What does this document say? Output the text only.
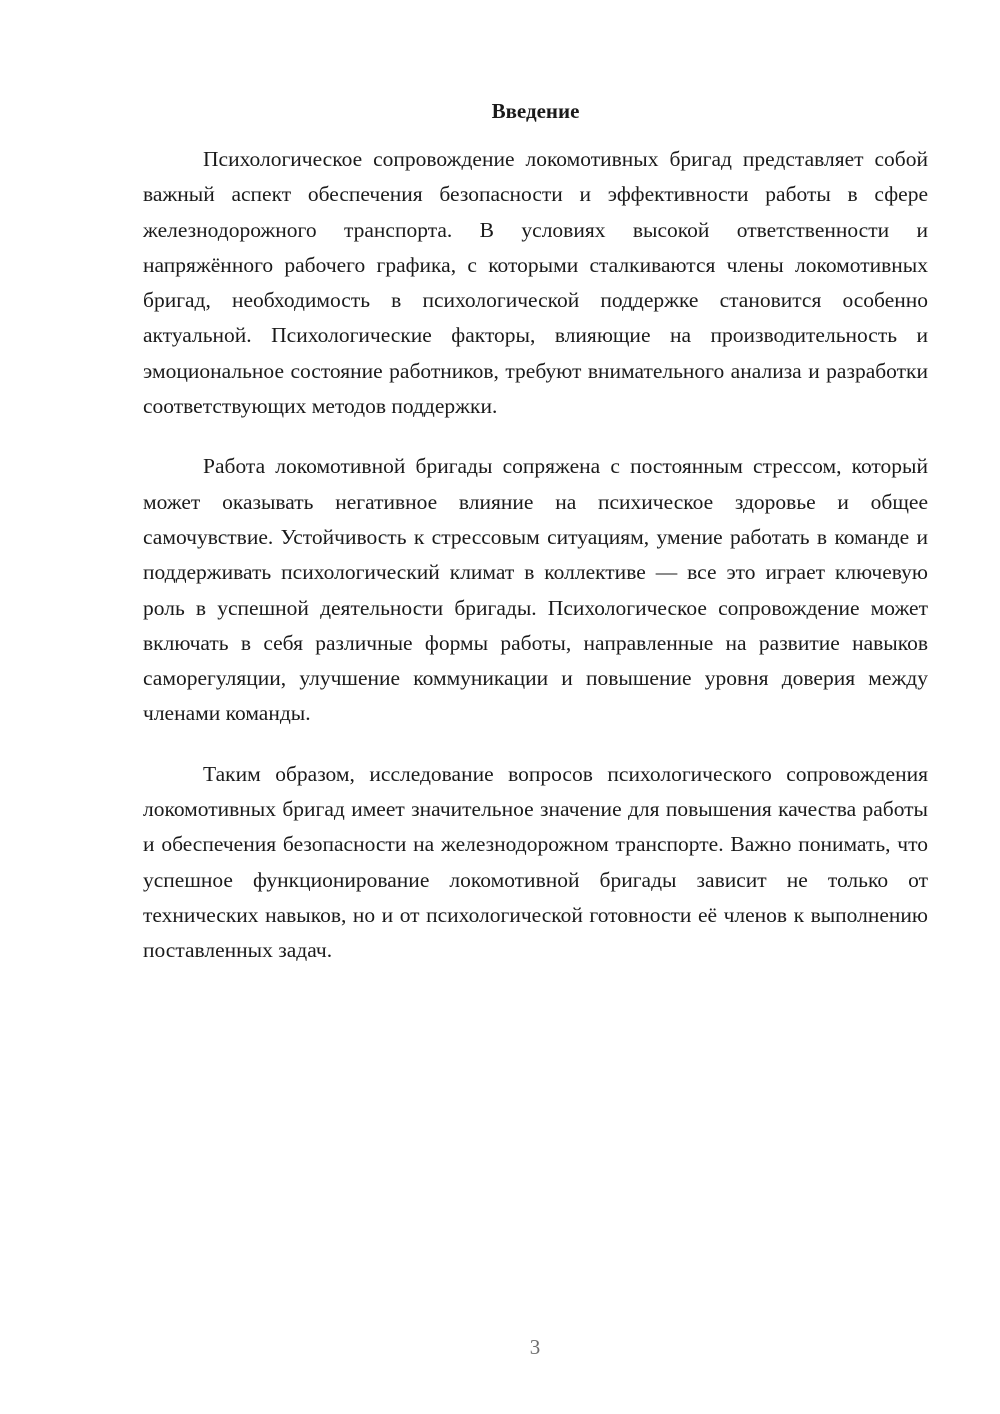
Введение

Психологическое сопровождение локомотивных бригад представляет собой важный аспект обеспечения безопасности и эффективности работы в сфере железнодорожного транспорта. В условиях высокой ответственности и напряжённого рабочего графика, с которыми сталкиваются члены локомотивных бригад, необходимость в психологической поддержке становится особенно актуальной. Психологические факторы, влияющие на производительность и эмоциональное состояние работников, требуют внимательного анализа и разработки соответствующих методов поддержки.

Работа локомотивной бригады сопряжена с постоянным стрессом, который может оказывать негативное влияние на психическое здоровье и общее самочувствие. Устойчивость к стрессовым ситуациям, умение работать в команде и поддерживать психологический климат в коллективе — все это играет ключевую роль в успешной деятельности бригады. Психологическое сопровождение может включать в себя различные формы работы, направленные на развитие навыков саморегуляции, улучшение коммуникации и повышение уровня доверия между членами команды.

Таким образом, исследование вопросов психологического сопровождения локомотивных бригад имеет значительное значение для повышения качества работы и обеспечения безопасности на железнодорожном транспорте. Важно понимать, что успешное функционирование локомотивной бригады зависит не только от технических навыков, но и от психологической готовности её членов к выполнению поставленных задач.

3
